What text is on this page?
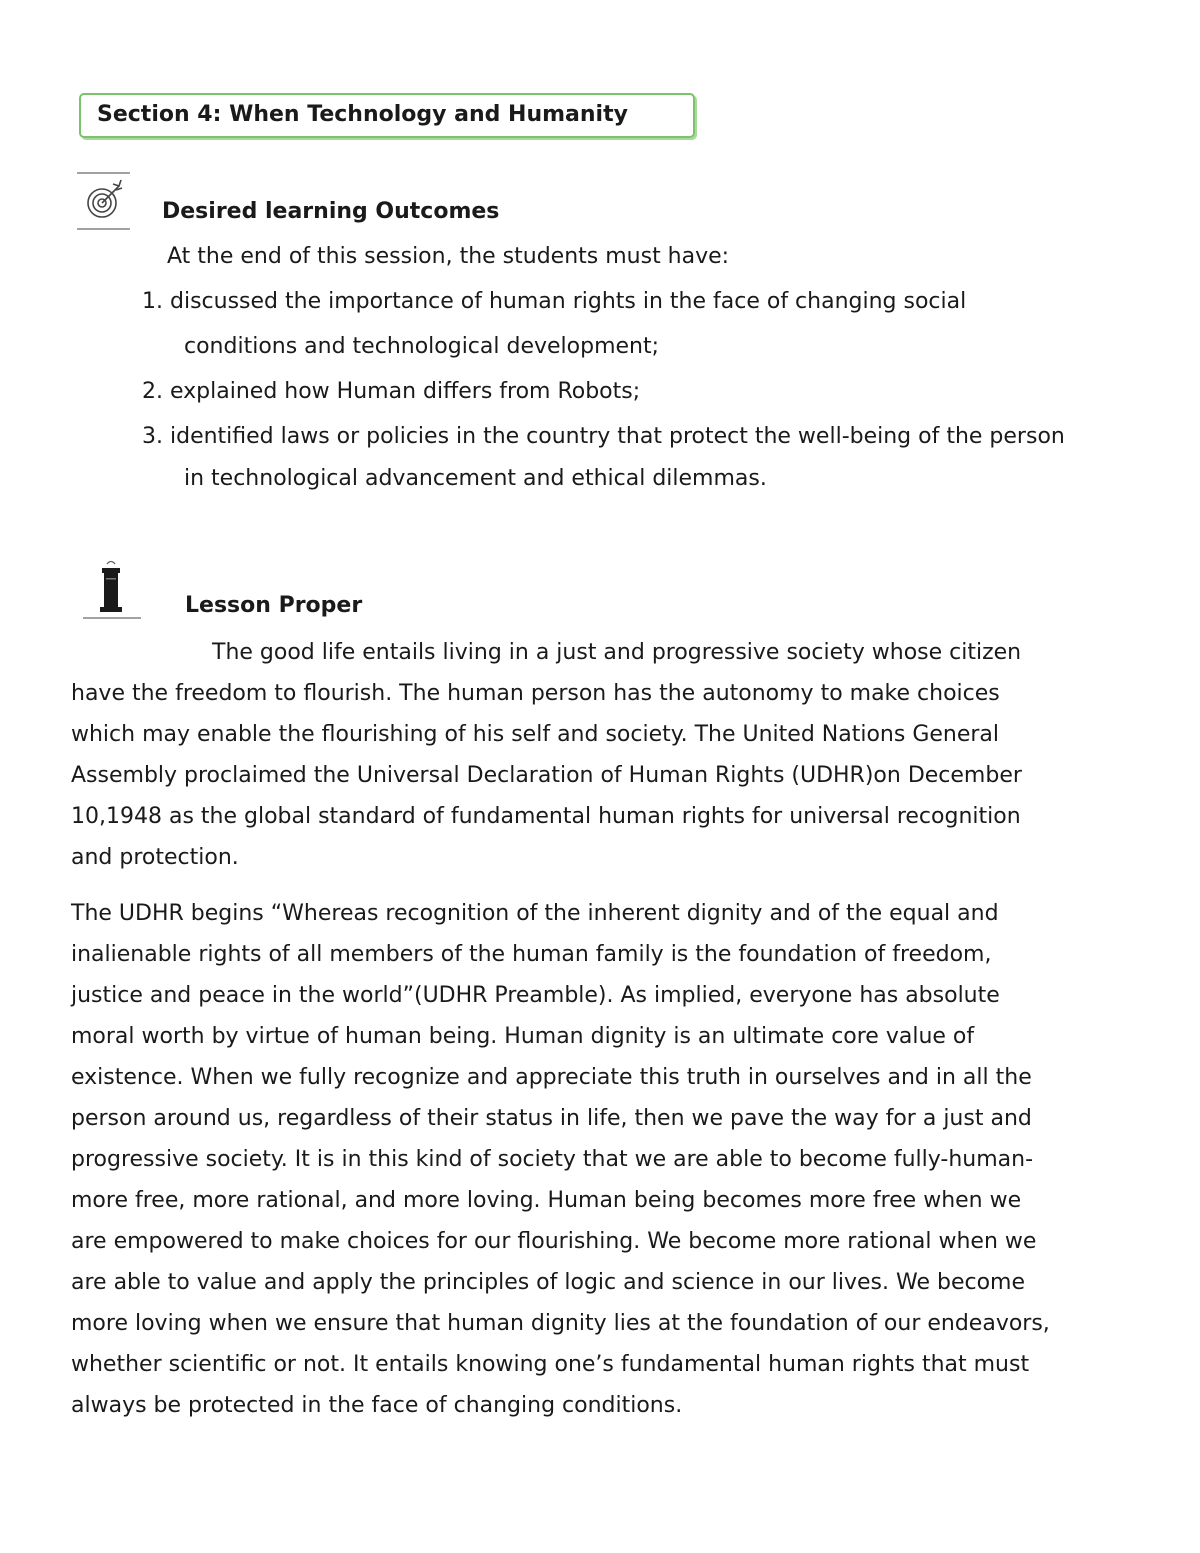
Section 4: When Technology and Humanity
Desired learning Outcomes
At the end of this session, the students must have:
1. discussed the importance of human rights in the face of changing social
conditions and technological development;
2. explained how Human differs from Robots;
3. identified laws or policies in the country that protect the well-being of the person
in technological advancement and ethical dilemmas.
Lesson Proper
The good life entails living in a just and progressive society whose citizen
have the freedom to flourish. The human person has the autonomy to make choices
which may enable the flourishing of his self and society. The United Nations General
Assembly proclaimed the Universal Declaration of Human Rights (UDHR)on December
10,1948 as the global standard of fundamental human rights for universal recognition
and protection.
The UDHR begins “Whereas recognition of the inherent dignity and of the equal and
inalienable rights of all members of the human family is the foundation of freedom,
justice and peace in the world”(UDHR Preamble). As implied, everyone has absolute
moral worth by virtue of human being. Human dignity is an ultimate core value of
existence. When we fully recognize and appreciate this truth in ourselves and in all the
person around us, regardless of their status in life, then we pave the way for a just and
progressive society. It is in this kind of society that we are able to become fully-human-
more free, more rational, and more loving. Human being becomes more free when we
are empowered to make choices for our flourishing. We become more rational when we
are able to value and apply the principles of logic and science in our lives. We become
more loving when we ensure that human dignity lies at the foundation of our endeavors,
whether scientific or not. It entails knowing one’s fundamental human rights that must
always be protected in the face of changing conditions.
